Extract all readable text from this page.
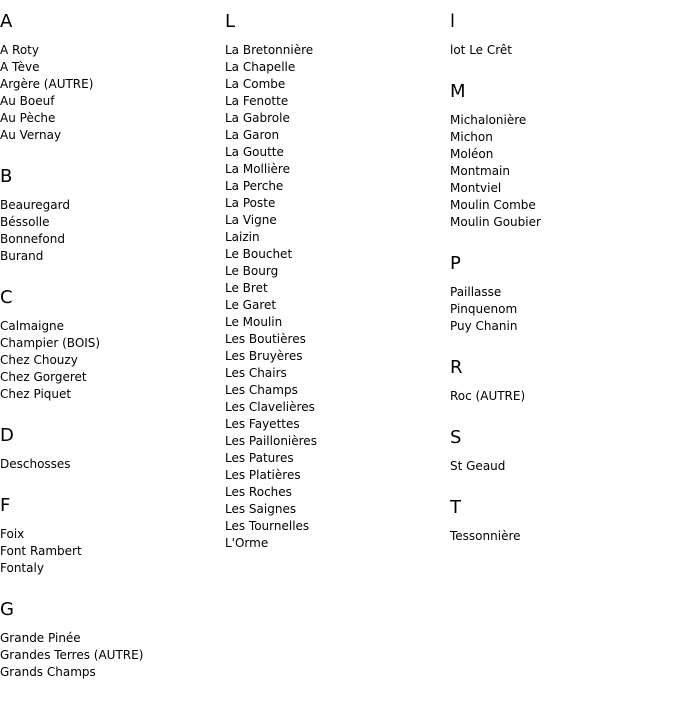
A
A Roty
A Tève
Argère (AUTRE)
Au Boeuf
Au Pèche
Au Vernay
B
Beauregard
Béssolle
Bonnefond
Burand
C
Calmaigne
Champier (BOIS)
Chez Chouzy
Chez Gorgeret
Chez Piquet
D
Deschosses
F
Foix
Font Rambert
Fontaly
G
Grande Pinée
Grandes Terres (AUTRE)
Grands Champs
L
La Bretonnière
La Chapelle
La Combe
La Fenotte
La Gabrole
La Garon
La Goutte
La Mollière
La Perche
La Poste
La Vigne
Laizin
Le Bouchet
Le Bourg
Le Bret
Le Garet
Le Moulin
Les Boutières
Les Bruyères
Les Chairs
Les Champs
Les Clavelières
Les Fayettes
Les Paillonières
Les Patures
Les Platières
Les Roches
Les Saignes
Les Tournelles
L'Orme
l
lot Le Crêt
M
Michalonière
Michon
Moléon
Montmain
Montviel
Moulin Combe
Moulin Goubier
P
Paillasse
Pinquenom
Puy Chanin
R
Roc (AUTRE)
S
St Geaud
T
Tessonnière
